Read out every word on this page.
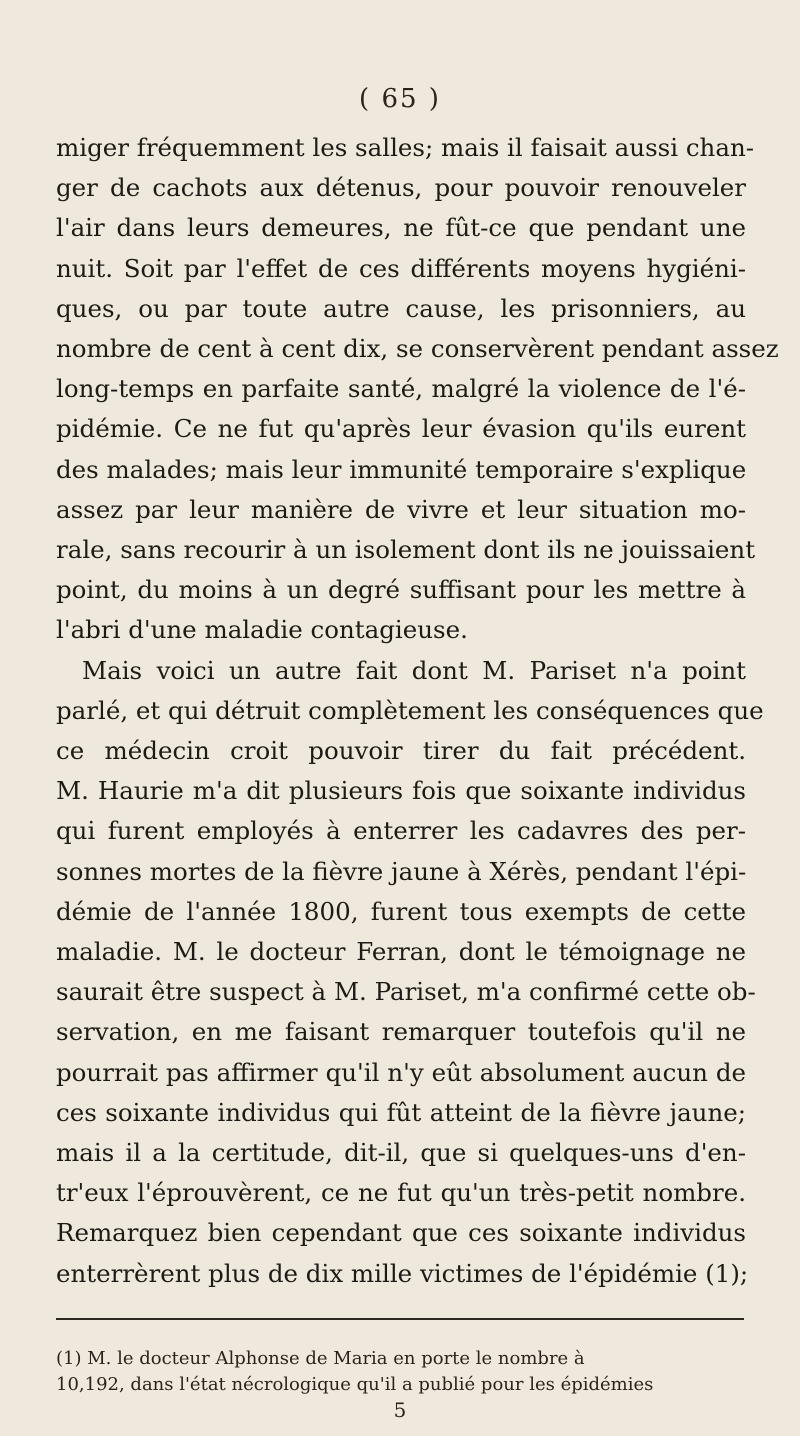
( 65 )
miger fréquemment les salles; mais il faisait aussi chan-
ger de cachots aux détenus, pour pouvoir renouveler
l'air dans leurs demeures, ne fût-ce que pendant une
nuit. Soit par l'effet de ces différents moyens hygiéni-
ques, ou par toute autre cause, les prisonniers, au
nombre de cent à cent dix, se conservèrent pendant assez
long-temps en parfaite santé, malgré la violence de l'é-
pidémie. Ce ne fut qu'après leur évasion qu'ils eurent
des malades; mais leur immunité temporaire s'explique
assez par leur manière de vivre et leur situation mo-
rale, sans recourir à un isolement dont ils ne jouissaient
point, du moins à un degré suffisant pour les mettre à
l'abri d'une maladie contagieuse.
Mais voici un autre fait dont M. Pariset n'a point
parlé, et qui détruit complètement les conséquences que
ce médecin croit pouvoir tirer du fait précédent.
M. Haurie m'a dit plusieurs fois que soixante individus
qui furent employés à enterrer les cadavres des per-
sonnes mortes de la fièvre jaune à Xérès, pendant l'épi-
démie de l'année 1800, furent tous exempts de cette
maladie. M. le docteur Ferran, dont le témoignage ne
saurait être suspect à M. Pariset, m'a confirmé cette ob-
servation, en me faisant remarquer toutefois qu'il ne
pourrait pas affirmer qu'il n'y eût absolument aucun de
ces soixante individus qui fût atteint de la fièvre jaune;
mais il a la certitude, dit-il, que si quelques-uns d'en-
tr'eux l'éprouvèrent, ce ne fut qu'un très-petit nombre.
Remarquez bien cependant que ces soixante individus
enterrèrent plus de dix mille victimes de l'épidémie (1);
(1) M. le docteur Alphonse de Maria en porte le nombre à
10,192, dans l'état nécrologique qu'il a publié pour les épidémies
5
